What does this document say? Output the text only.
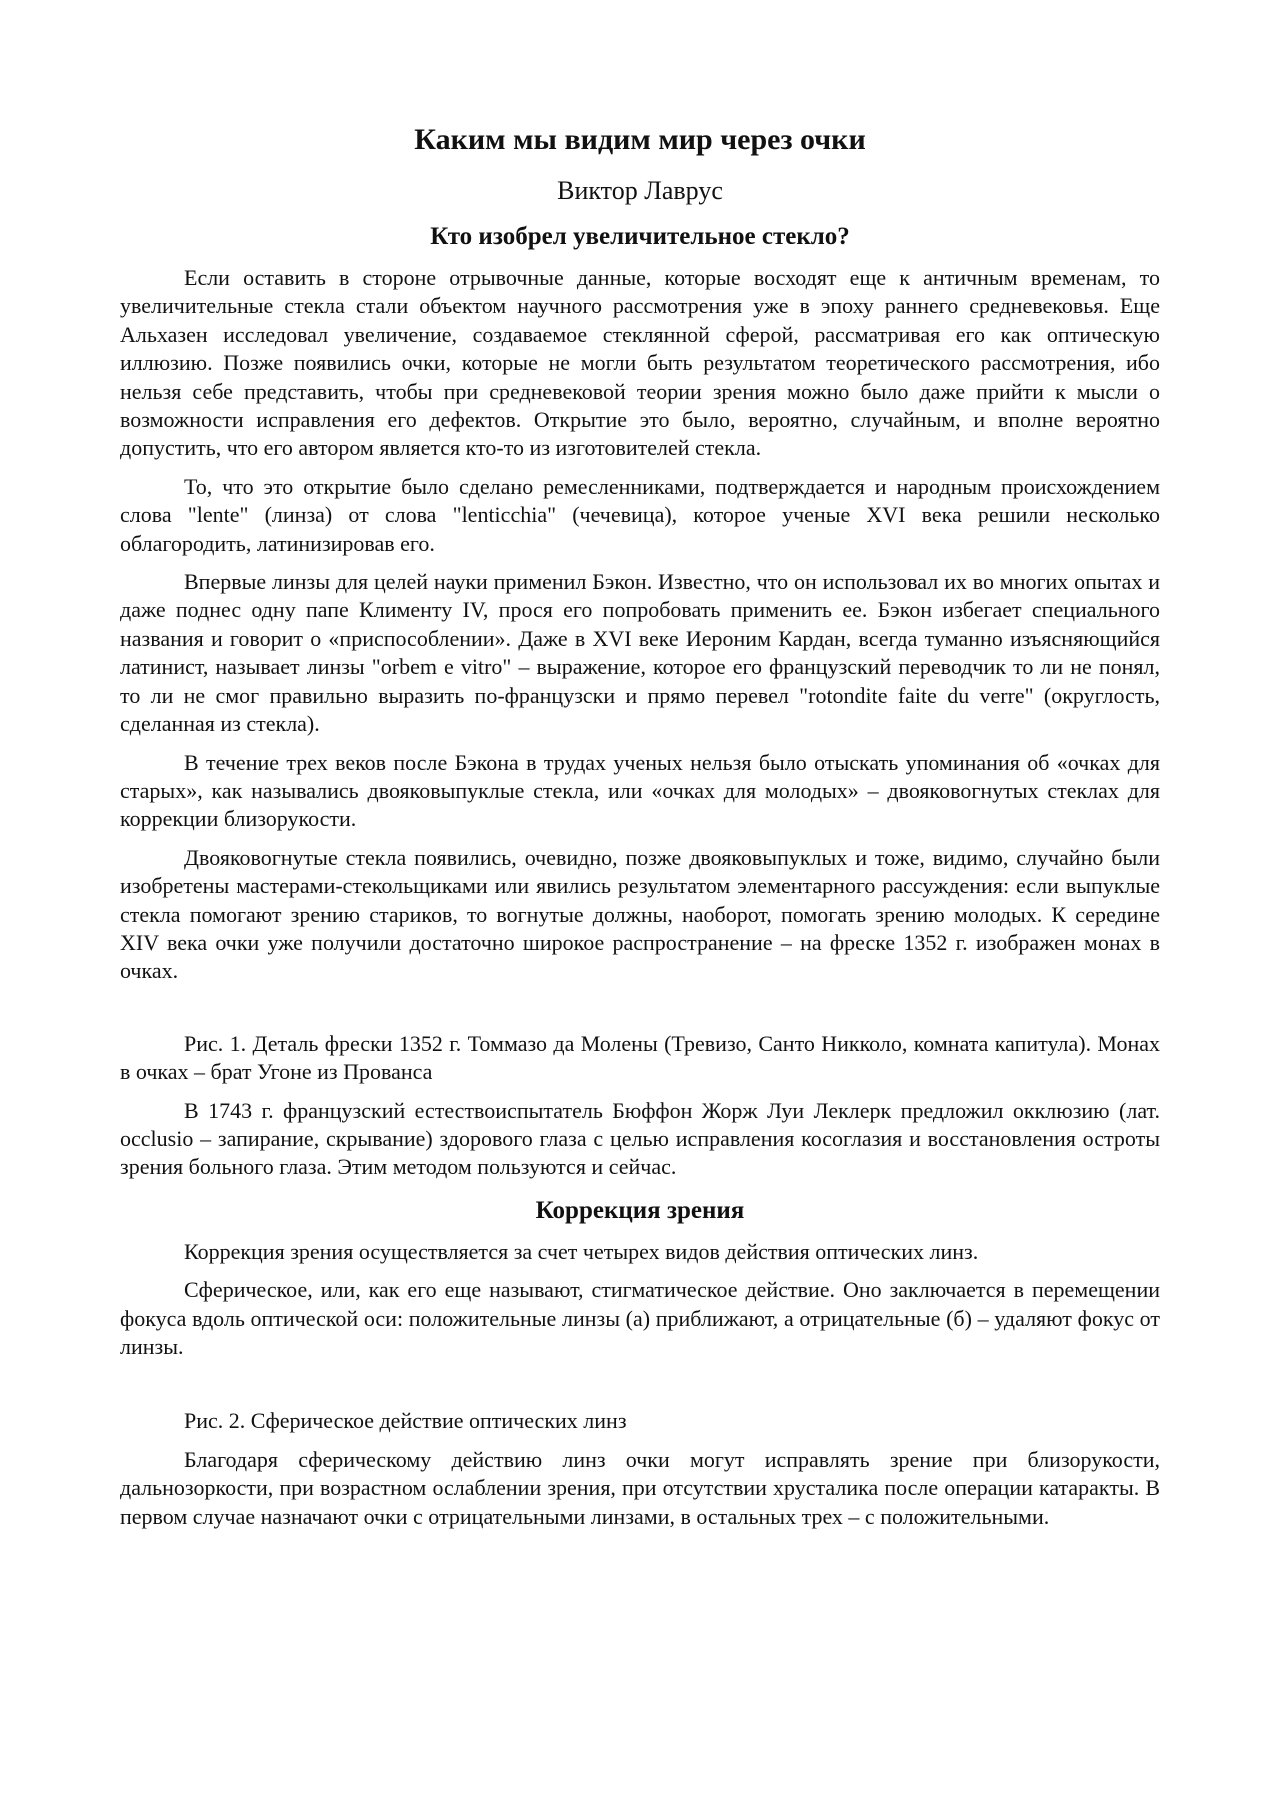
Каким мы видим мир через очки
Виктор Лаврус
Кто изобрел увеличительное стекло?

Если оставить в стороне отрывочные данные, которые восходят еще к античным временам, то увеличительные стекла стали объектом научного рассмотрения уже в эпоху раннего средневековья. Еще Альхазен исследовал увеличение, создаваемое стеклянной сферой, рассматривая его как оптическую иллюзию. Позже появились очки, которые не могли быть результатом теоретического рассмотрения, ибо нельзя себе представить, чтобы при средневековой теории зрения можно было даже прийти к мысли о возможности исправления его дефектов. Открытие это было, вероятно, случайным, и вполне вероятно допустить, что его автором является кто-то из изготовителей стекла.

То, что это открытие было сделано ремесленниками, подтверждается и народным происхождением слова "lente" (линза) от слова "lenticchia" (чечевица), которое ученые XVI века решили несколько облагородить, латинизировав его.

Впервые линзы для целей науки применил Бэкон. Известно, что он использовал их во многих опытах и даже поднес одну папе Клименту IV, прося его попробовать применить ее. Бэкон избегает специального названия и говорит о «приспособлении». Даже в XVI веке Иероним Кардан, всегда туманно изъясняющийся латинист, называет линзы "orbem e vitro" – выражение, которое его французский переводчик то ли не понял, то ли не смог правильно выразить по-французски и прямо перевел "rotondite faite du verre" (округлость, сделанная из стекла).

В течение трех веков после Бэкона в трудах ученых нельзя было отыскать упоминания об «очках для старых», как назывались двояковыпуклые стекла, или «очках для молодых» – двояковогнутых стеклах для коррекции близорукости.

Двояковогнутые стекла появились, очевидно, позже двояковыпуклых и тоже, видимо, случайно были изобретены мастерами-стекольщиками или явились результатом элементарного рассуждения: если выпуклые стекла помогают зрению стариков, то вогнутые должны, наоборот, помогать зрению молодых. К середине XIV века очки уже получили достаточно широкое распространение – на фреске 1352 г. изображен монах в очках.

Рис. 1. Деталь фрески 1352 г. Томмазо да Молены (Тревизо, Санто Никколо, комната капитула). Монах в очках – брат Угоне из Прованса

В 1743 г. французский естествоиспытатель Бюффон Жорж Луи Леклерк предложил окклюзию (лат. occlusio – запирание, скрывание) здорового глаза с целью исправления косоглазия и восстановления остроты зрения больного глаза. Этим методом пользуются и сейчас.

Коррекция зрения

Коррекция зрения осуществляется за счет четырех видов действия оптических линз.

Сферическое, или, как его еще называют, стигматическое действие. Оно заключается в перемещении фокуса вдоль оптической оси: положительные линзы (а) приближают, а отрицательные (б) – удаляют фокус от линзы.

Рис. 2. Сферическое действие оптических линз

Благодаря сферическому действию линз очки могут исправлять зрение при близорукости, дальнозоркости, при возрастном ослаблении зрения, при отсутствии хрусталика после операции катаракты. В первом случае назначают очки с отрицательными линзами, в остальных трех – с положительными.
